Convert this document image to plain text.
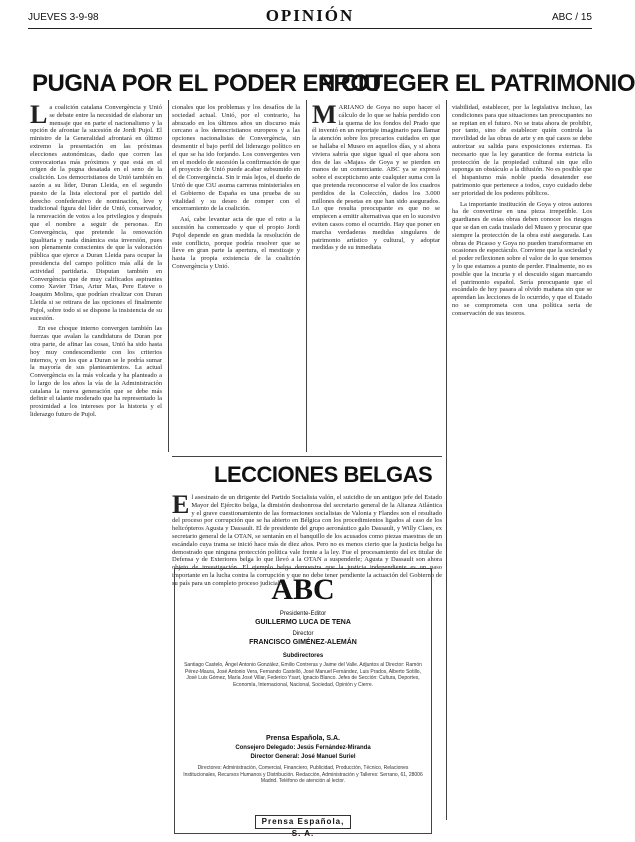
JUEVES 3-9-98	OPINIÓN	ABC / 15
PUGNA POR EL PODER EN CIU
La coalición catalana Convergència y Unió se debate entre la necesidad de elaborar un mensaje que en parte el nacionalismo y la opción de afrontar la sucesión de Jordi Pujol. El ministro de la Generalidad afrontará en último extremo la presentación en las próximas elecciones autonómicas, dado que corren las convocatorias más próximos y que está en el origen de la pugna desatada en el seno de la coalición. Los democristianos de Unió también en sazón a su líder, Duran Lleida, en el segundo puesto de la lista electoral por el partido del derecho confederativo de nominación, leve y tradicional figura del líder de Unió, conservador, la renovación de votos a los privilegios y después que el nombre a seguir de personas. En Convergència, que pretende la renovación igualitaria y nada dinámica esta inversión, pues son plenamente conscientes de que la valoración pública que ejerce a Duran Lleida para ocupar la presidencia del campo político más allá de la actividad partidaria. Disputan también en Convergència que de muy calificados aspirantes como Xavier Trias, Artur Mas, Pere Esteve o Joaquim Molins, que podrían rivalizar con Duran Lleida si se retirara de las opciones el finalmente Pujol, sobre todo si se dispone la insistencia de su sucesión.

En ese choque interno convergen también las fuerzas que avalan la candidatura de Duran por otra parte, de afinar las cosas, Unió ha sido hasta hoy muy condescendiente con los criterios internos, y en los que a Duran se le podría sumar la mayoría de sus planteamientos. La actual Convergència es la más volcada y ha planteado a lo largo de los años la vía de la Administración catalana la nueva generación que se debe más definir el talante moderado que ha representado la proximidad a los intereses por la historia y el liderazgo futuro de Pujol.

cionales que los problemas y los desafíos de la sociedad actual. Unió, por el contrario, ha abrazado en los últimos años un discurso más cercano a los democristianos europeos y a las opciones nacionalistas de Convergència, sin desmentir el bajo perfil del liderazgo político en el que se ha ido forjando. Los convergentes ven en el modelo de sucesión la confirmación de que el proyecto de Unió puede acabar subsumido en el de Convergència. Sin ir más lejos, el dueño de Unió de que CiU asuma carreras ministeriales en el Gobierno de España es una prueba de su vitalidad y su deseo de romper con el encerramiento de la coalición.

Así, cabe levantar acta de que el reto a la sucesión ha comenzado y que el propio Jordi Pujol depende en gran medida la resolución de este conflicto, porque podría resolver que se lleve en gran parte la apertura, el mestizaje y hasta la propia existencia de la coalición Convergència y Unió.

PROTEGER EL PATRIMONIO
MARIANO de Goya no supo hacer el cálculo de lo que se había perdido con la quema de los fondos del Prado que él inventó en un reportaje imaginario para llamar la atención sobre los precarios cuidados en que se hallaba el Museo en aquellos días, y si ahora viviera sabría que sigue igual el que ahora son dos de las «Majas» de Goya y se pierden en manos de un comerciante. ABC ya se expresó sobre el escepticismo ante cualquier suma con la que pretenda reconocerse el valor de los cuadros perdidos de la Colección, dados los 3.000 millones de pesetas en que han sido asegurados. Lo que resulta preocupante es que no se empiecen a emitir alternativas que en lo sucesivo eviten casos como el ocurrido. Hay que poner en marcha verdaderas medidas singulares de patrimonio artístico y cultural, y adoptar medidas y de su inmediata
viabilidad, establecer, por la legislativa incluso, las condiciones para que situaciones tan preocupantes no se repitan en el futuro. No se trata ahora de prohibir, por tanto, sino de establecer quién controla la movilidad de las obras de arte y en qué casos se debe autorizar su salida para exposiciones externas. Es necesario que la ley garantice de forma estricta la protección de la propiedad cultural sin que ello suponga un obstáculo a la difusión. No es posible que el hispanismo más noble pueda desatender ese patrimonio que pertenece a todos, cuyo cuidado debe ser prioridad de los poderes públicos.

La importante institución de Goya y otros autores ha de convertirse en una pieza irrepetible. Los guardianes de estas obras deben conocer los riesgos que se dan en cada traslado del Museo y procurar que siempre la protección de la obra esté asegurada. Las obras de Picasso y Goya no pueden transformarse en ocasiones de espectáculo. Conviene que la sociedad y el poder reflexionen sobre el valor de lo que tenemos y lo que estamos a punto de perder. Finalmente, no es posible que la incuria y el descuido sigan marcando el patrimonio español. Sería preocupante que el escándalo de hoy pasara al olvido mañana sin que se aprendan las lecciones de lo ocurrido, y que el Estado no se comprometa con una política seria de conservación de sus tesoros.

LECCIONES BELGAS
El asesinato de un dirigente del Partido Socialista valón, el suicidio de un antiguo jefe del Estado Mayor del Ejército belga, la dimisión deshonrosa del secretario general de la Alianza Atlántica y el grave cuestionamiento de las formaciones socialistas de Valonia y Flandes son el resultado del proceso por corrupción que se ha abierto en Bélgica con los procedimientos ligados al caso de los helicópteros Agusta y Dassault. El de presidente del grupo aeronáutico galo Dassault, y Willy Claes, ex secretario general de la OTAN, se sentarán en el banquillo de los acusados como piezas maestras de un escándalo cuya trama se inició hace más de diez años. Pero no es menos cierto que la justicia belga ha demostrado que ninguna protección política vale frente a la ley. Fue el procesamiento del ex titular de Defensa y de Exteriores belga lo que llevó a la OTAN a suspenderle; Agusta y Dassault son ahora objeto de investigación. El ejemplo belga demuestra que la justicia independiente es un paso importante en la lucha contra la corrupción y que no debe tener pendiente la actuación del Gobierno de su país para un completo proceso judicial.
ABC
Presidente-Editor
GUILLERMO LUCA DE TENA
Director
FRANCISCO GIMÉNEZ-ALEMÁN
Subdirectores
Santiago Castelo, Ángel Antonio González, Emilio Contreras y Jaime del Valle. Adjuntos al Director: Ramón Pérez-Maura, José Antonio Vera, Fernando Castelló, José Manuel Fernández, Luis Prados, Alberto Sotillo, José Luis Gómez, María José Villar, Federico Ysart, Ignacio Blanco. Jefes de Sección: Cultura, Deportes, Economía, Internacional, Nacional, Sociedad, Opinión y Cierre.
Prensa Española, S.A.
Consejero Delegado: Jesús Fernández-Miranda
Director General: José Manuel Suriel
Directores: Administración, Comercial, Financiero, Publicidad, Producción, Técnico, Relaciones Institucionales, Recursos Humanos y Distribución. Redacción, Administración y Talleres: Serrano, 61, 28006 Madrid. Teléfono de atención al lector.
Prensa Española, S. A.
